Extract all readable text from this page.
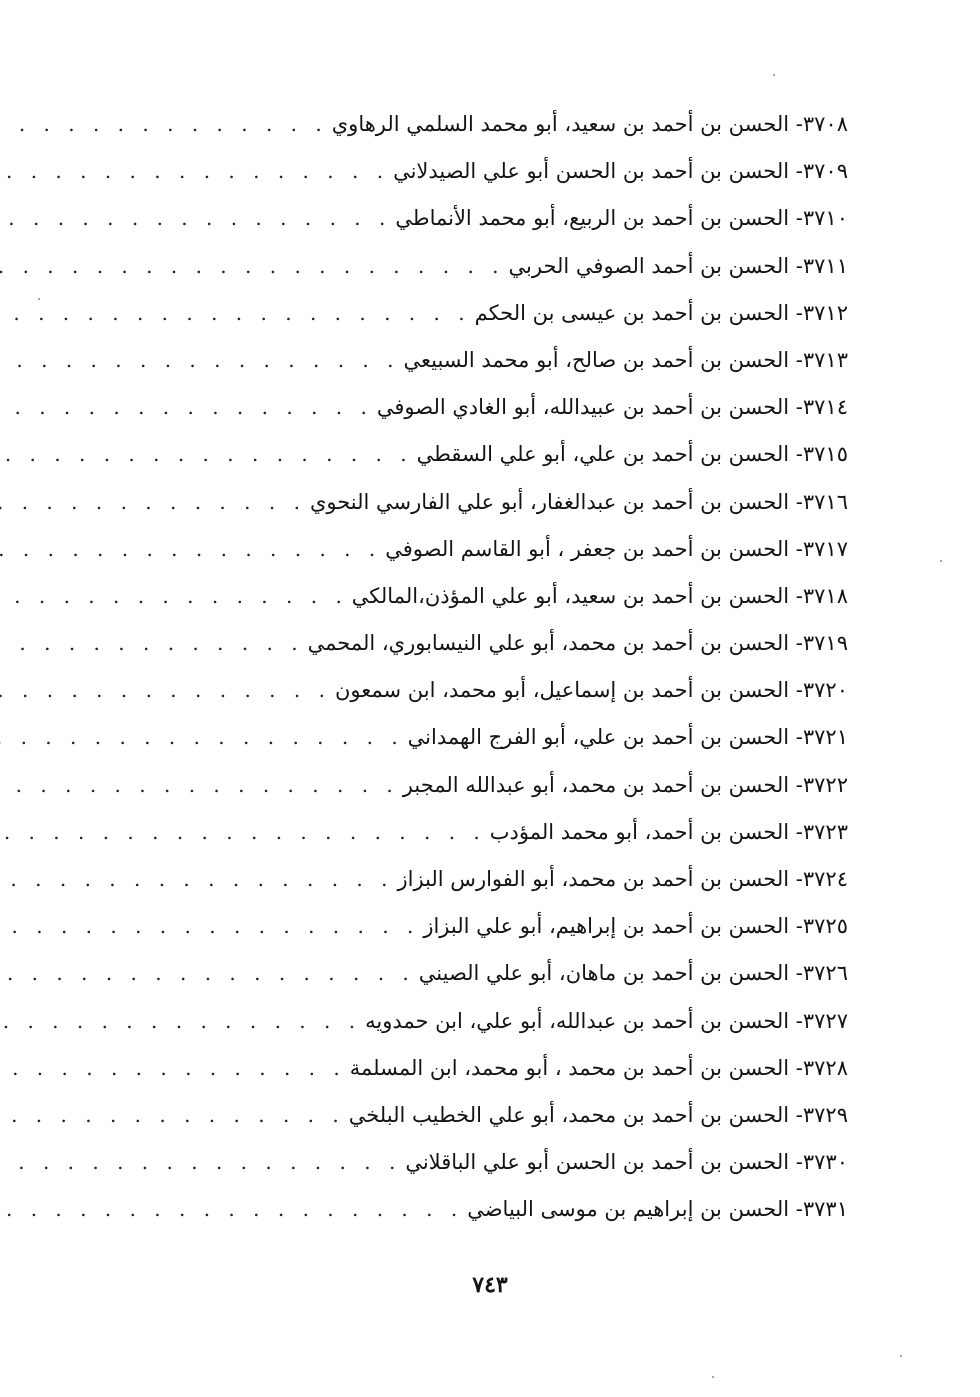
٣٧٠٨- الحسن بن أحمد بن سعيد، أبو محمد السلمي الرهاوي
. . .
٣٧٠٩- الحسن بن أحمد بن الحسن أبو علي الصيدلاني
. . .
٣٧١٠- الحسن بن أحمد بن الربيع، أبو محمد الأنماطي
. . .
٣٧١١- الحسن بن أحمد الصوفي الحربي
. . .
٣٧١٢- الحسن بن أحمد بن عيسى بن الحكم
. . .
٣٧١٣- الحسن بن أحمد بن صالح، أبو محمد السبيعي
. . .
٣٧١٤- الحسن بن أحمد بن عبيدالله، أبو الغادي الصوفي
. . .
٣٧١٥- الحسن بن أحمد بن علي، أبو علي السقطي
. . .
٣٧١٦- الحسن بن أحمد بن عبدالغفار، أبو علي الفارسي النحوي
. . .
٣٧١٧- الحسن بن أحمد بن جعفر ، أبو القاسم الصوفي
. . .
٣٧١٨- الحسن بن أحمد بن سعيد، أبو علي المؤذن،المالكي
. . .
٣٧١٩- الحسن بن أحمد بن محمد، أبو علي النيسابوري، المحمي
. . .
٣٧٢٠- الحسن بن أحمد بن إسماعيل، أبو محمد، ابن سمعون
. . .
٣٧٢١- الحسن بن أحمد بن علي، أبو الفرج الهمداني
. . .
٣٧٢٢- الحسن بن أحمد بن محمد، أبو عبدالله المجبر
. . .
٣٧٢٣- الحسن بن أحمد، أبو محمد المؤدب
. . .
٣٧٢٤- الحسن بن أحمد بن محمد، أبو الفوارس البزاز
. . .
٣٧٢٥- الحسن بن أحمد بن إبراهيم، أبو علي البزاز
. . .
٣٧٢٦- الحسن بن أحمد بن ماهان، أبو علي الصيني
. . .
٣٧٢٧- الحسن بن أحمد بن عبدالله، أبو علي، ابن حمدويه
. . .
٣٧٢٨- الحسن بن أحمد بن محمد ، أبو محمد، ابن المسلمة
. . .
٣٧٢٩- الحسن بن أحمد بن محمد، أبو علي الخطيب البلخي
. . .
٣٧٣٠- الحسن بن أحمد بن الحسن أبو علي الباقلاني
. . .
٣٧٣١- الحسن بن إبراهيم بن موسى البياضي
. . .
٧٤٣
